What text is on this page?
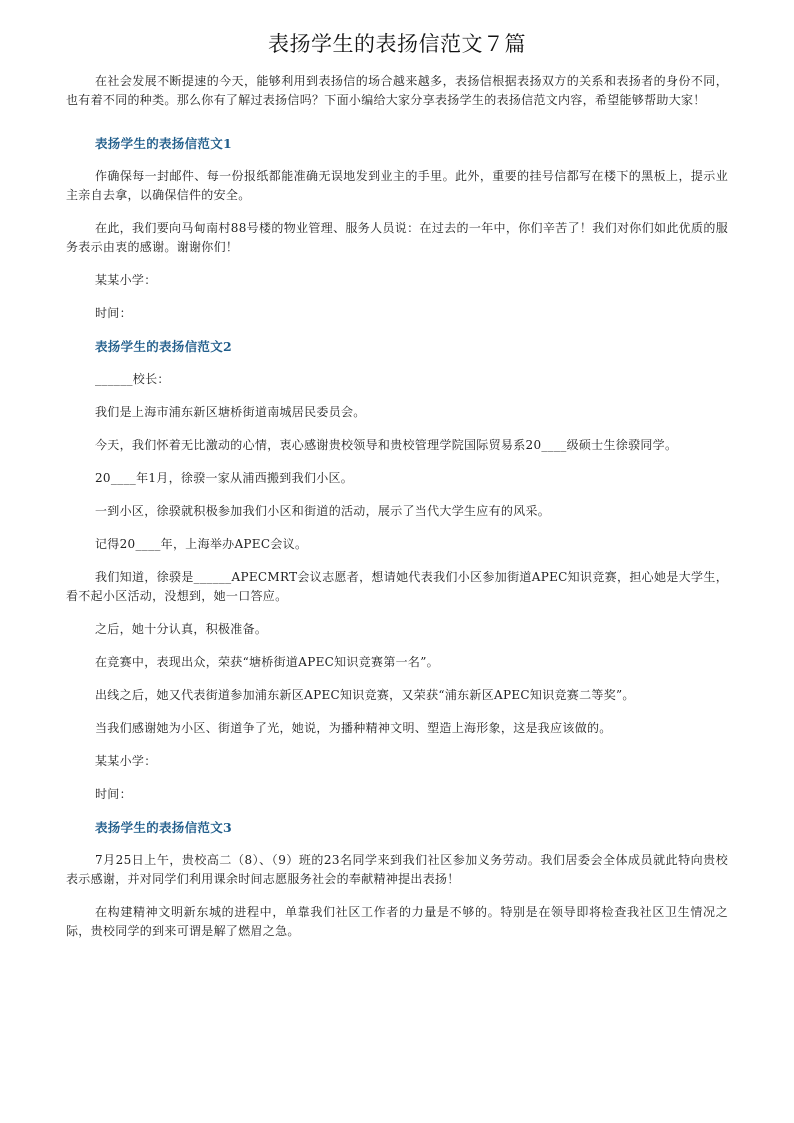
表扬学生的表扬信范文７篇

在社会发展不断提速的今天，能够利用到表扬信的场合越来越多，表扬信根据表扬双方的关系和表扬者的身份不同，也有着不同的种类。那么你有了解过表扬信吗？下面小编给大家分享表扬学生的表扬信范文内容，希望能够帮助大家！

表扬学生的表扬信范文1

作确保每一封邮件、每一份报纸都能准确无误地发到业主的手里。此外，重要的挂号信都写在楼下的黑板上，提示业主亲自去拿，以确保信件的安全。

在此，我们要向马甸南村88号楼的物业管理、服务人员说：在过去的一年中，你们辛苦了！我们对你们如此优质的服务表示由衷的感谢。谢谢你们！

某某小学：

时间：

表扬学生的表扬信范文2

______校长：

我们是上海市浦东新区塘桥街道南城居民委员会。

今天，我们怀着无比激动的心情，衷心感谢贵校领导和贵校管理学院国际贸易系20____级硕士生徐骙同学。

20____年1月，徐骙一家从浦西搬到我们小区。

一到小区，徐骙就积极参加我们小区和街道的活动，展示了当代大学生应有的风采。

记得20____年，上海举办APEC会议。

我们知道，徐骙是______APECMRT会议志愿者，想请她代表我们小区参加街道APEC知识竞赛，担心她是大学生，看不起小区活动，没想到，她一口答应。

之后，她十分认真，积极准备。

在竞赛中，表现出众，荣获“塘桥街道APEC知识竞赛第一名”。

出线之后，她又代表街道参加浦东新区APEC知识竞赛，又荣获“浦东新区APEC知识竞赛二等奖”。

当我们感谢她为小区、街道争了光，她说，为播种精神文明、塑造上海形象，这是我应该做的。

某某小学：

时间：

表扬学生的表扬信范文3

7月25日上午，贵校高二（8）、（9）班的23名同学来到我们社区参加义务劳动。我们居委会全体成员就此特向贵校表示感谢，并对同学们利用课余时间志愿服务社会的奉献精神提出表扬！

在构建精神文明新东城的进程中，单靠我们社区工作者的力量是不够的。特别是在领导即将检查我社区卫生情况之际，贵校同学的到来可谓是解了燃眉之急。
